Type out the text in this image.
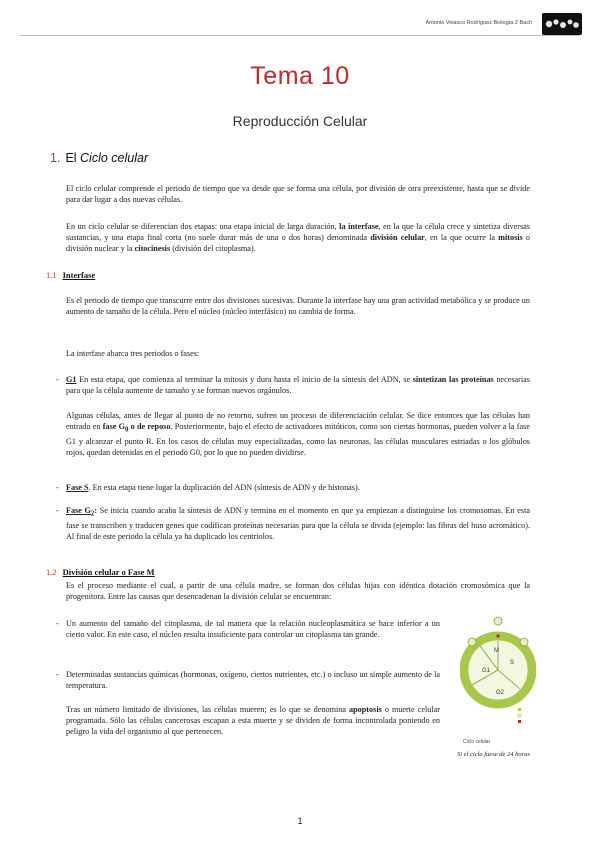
Antonio Velasco Rodríguez Biología 2 Bach
Tema 10
Reproducción Celular
1. El Ciclo celular

El ciclo celular comprende el periodo de tiempo que va desde que se forma una célula, por división de otra preexistente, hasta que se divide para dar lugar a dos nuevas células.

En un ciclo celular se diferencian dos etapas: una etapa inicial de larga duración, la interfase, en la que la célula crece y sintetiza diversas sustancias, y una etapa final corta (no suele durar más de una o dos horas) denominada división celular, en la que ocurre la mitosis o división nuclear y la citocinesis (división del citoplasma).

1.1 Interfase

Es el periodo de tiempo que transcurre entre dos divisiones sucesivas. Durante la interfase hay una gran actividad metabólica y se produce un aumento de tamaño de la célula. Pero el núcleo (núcleo interfásico) no cambia de forma.

La interfase abarca tres periodos o fases:

- G1 En esta etapa, que comienza al terminar la mitosis y dura hasta el inicio de la síntesis del ADN, se sintetizan las proteínas necesarias para que la célula aumente de tamaño y se forman nuevos orgánulos.

Algunas células, antes de llegar al punto de no retorno, sufren un proceso de diferenciación celular. Se dice entonces que las células han entrado en fase $G_0$ o de reposo. Posteriormente, bajo el efecto de activadores mitóticos, como son ciertas hormonas, pueden volver a la fase G1 y alcanzar el punto R. En los casos de células muy especializadas, como las neuronas, las células musculares estriadas o los glóbulos rojos, quedan detenidas en el periodo G0, por lo que no pueden dividirse.

- Fase S. En esta etapa tiene lugar la duplicación del ADN (síntesis de ADN y de histonas).

- Fase $G_2$: Se inicia cuando acaba la síntesis de ADN y termina en el momento en que ya empiezan a distinguirse los cromosomas. En esta fase se transcriben y traducen genes que codifican proteínas necesarias para que la célula se divida (ejemplo: las fibras del huso acromático). Al final de este periodo la célula ya ha duplicado los centriolos.

1.2 División celular o Fase M

Es el proceso mediante el cual, a partir de una célula madre, se forman dos células hijas con idéntica dotación cromosómica que la progenitora. Entre las causas que desencadenan la división celular se encuentran:

- Un aumento del tamaño del citoplasma, de tal manera que la relación nucleoplasmática se hace inferior a un cierto valor. En este caso, el núcleo resulta insuficiente para controlar un citoplasma tan grande.

- Determinadas sustancias químicas (hormonas, oxígeno, ciertos nutrientes, etc.) o incluso un simple aumento de la temperatura.

Tras un número limitado de divisiones, las células mueren; es lo que se denomina apoptosis o muerte celular programada. Sólo las células cancerosas escapan a esta muerte y se dividen de forma incontrolada poniendo en peligro la vida del organismo al que pertenecen.

G1
S
G2
M
Ciclo celular
Si el ciclo fuese de 24 horas
1
